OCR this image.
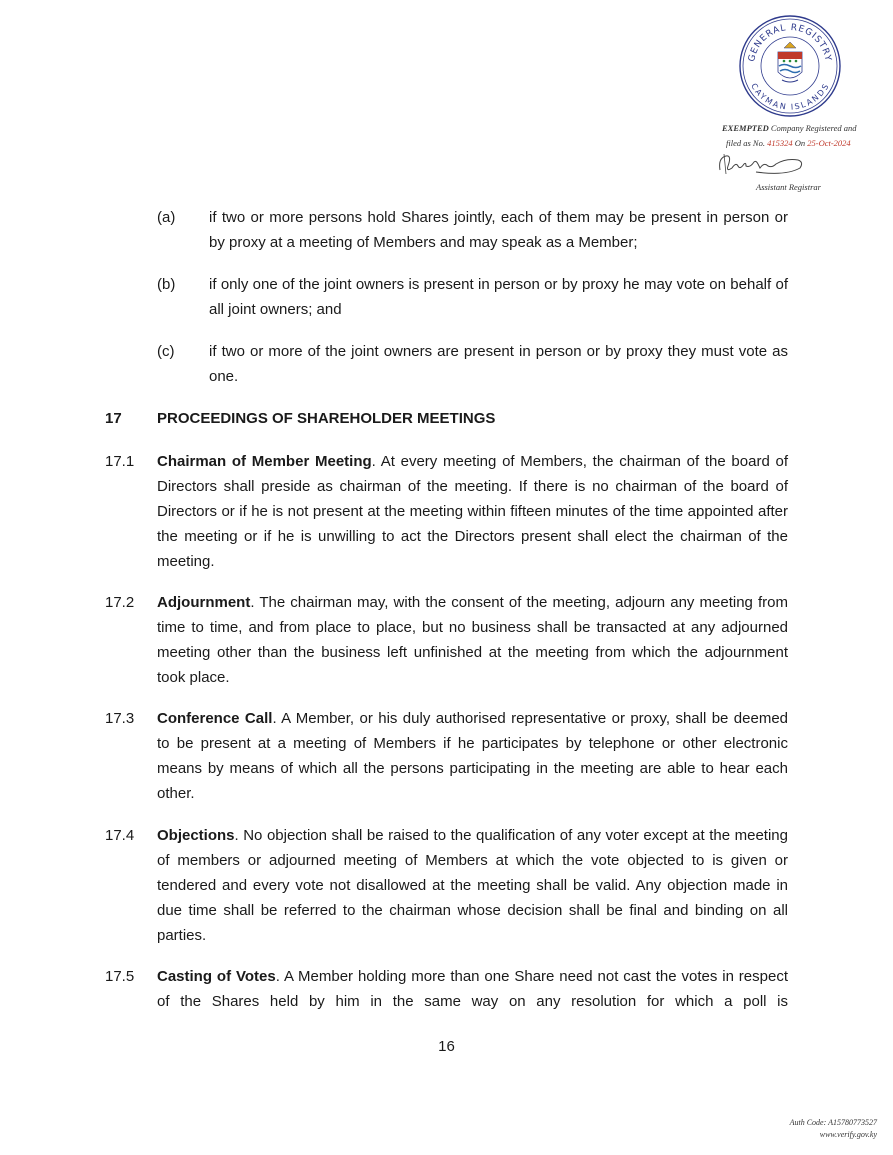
GENERAL REGISTRY
CAYMAN ISLANDS
EXEMPTED Company Registered and
filed as No. 415324 On 25-Oct-2024
Assistant Registrar
(a) if two or more persons hold Shares jointly, each of them may be present in person or by proxy at a meeting of Members and may speak as a Member;
(b) if only one of the joint owners is present in person or by proxy he may vote on behalf of all joint owners; and
(c) if two or more of the joint owners are present in person or by proxy they must vote as one.
17 PROCEEDINGS OF SHAREHOLDER MEETINGS
17.1 Chairman of Member Meeting. At every meeting of Members, the chairman of the board of Directors shall preside as chairman of the meeting. If there is no chairman of the board of Directors or if he is not present at the meeting within fifteen minutes of the time appointed after the meeting or if he is unwilling to act the Directors present shall elect the chairman of the meeting.
17.2 Adjournment. The chairman may, with the consent of the meeting, adjourn any meeting from time to time, and from place to place, but no business shall be transacted at any adjourned meeting other than the business left unfinished at the meeting from which the adjournment took place.
17.3 Conference Call. A Member, or his duly authorised representative or proxy, shall be deemed to be present at a meeting of Members if he participates by telephone or other electronic means by means of which all the persons participating in the meeting are able to hear each other.
17.4 Objections. No objection shall be raised to the qualification of any voter except at the meeting of members or adjourned meeting of Members at which the vote objected to is given or tendered and every vote not disallowed at the meeting shall be valid. Any objection made in due time shall be referred to the chairman whose decision shall be final and binding on all parties.
17.5 Casting of Votes. A Member holding more than one Share need not cast the votes in respect of the Shares held by him in the same way on any resolution for which a poll is
16
Auth Code: A15780773527
www.verify.gov.ky
